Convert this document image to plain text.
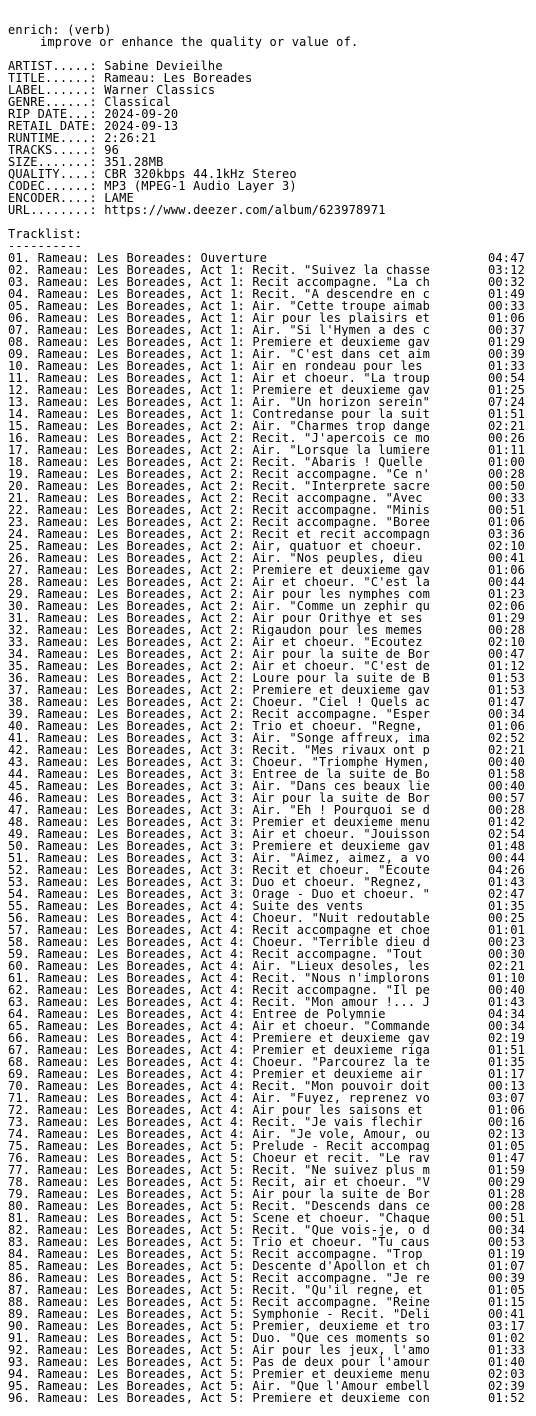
enrich: (verb)
improve or enhance the quality or value of.
ARTIST.....: Sabine Devieilhe
TITLE......: Rameau: Les Boreades
LABEL......: Warner Classics
GENRE......: Classical
RIP DATE...: 2024-09-20
RETAIL DATE: 2024-09-13
RUNTIME....: 2:26:21
TRACKS.....: 96
SIZE.......: 351.28MB
QUALITY....: CBR 320kbps 44.1kHz Stereo
CODEC......: MP3 (MPEG-1 Audio Layer 3)
ENCODER....: LAME
URL........: https://www.deezer.com/album/623978971
Tracklist:
----------
01. Rameau: Les Boreades: Ouverture	04:47
02. Rameau: Les Boreades, Act 1: Recit. "Suivez la chasse	03:12
03. Rameau: Les Boreades, Act 1: Recit accompagne. "La ch	00:32
04. Rameau: Les Boreades, Act 1: Recit. "A descendre en c	01:49
05. Rameau: Les Boreades, Act 1: Air. "Cette troupe aimab	00:33
06. Rameau: Les Boreades, Act 1: Air pour les plaisirs et	01:06
07. Rameau: Les Boreades, Act 1: Air. "Si l'Hymen a des c	00:37
08. Rameau: Les Boreades, Act 1: Premiere et deuxieme gav	01:29
09. Rameau: Les Boreades, Act 1: Air. "C'est dans cet aim	00:39
10. Rameau: Les Boreades, Act 1: Air en rondeau pour les	01:33
11. Rameau: Les Boreades, Act 1: Air et choeur. "La troup	00:54
12. Rameau: Les Boreades, Act 1: Premiere et deuxieme gav	01:25
13. Rameau: Les Boreades, Act 1: Air. "Un horizon serein"	07:24
14. Rameau: Les Boreades, Act 1: Contredanse pour la suit	01:51
15. Rameau: Les Boreades, Act 2: Air. "Charmes trop dange	02:21
16. Rameau: Les Boreades, Act 2: Recit. "J'apercois ce mo	00:26
17. Rameau: Les Boreades, Act 2: Air. "Lorsque la lumiere	01:11
18. Rameau: Les Boreades, Act 2: Recit. "Abaris ! Quelle	01:00
19. Rameau: Les Boreades, Act 2: Recit accompagne. "Ce n'	00:28
20. Rameau: Les Boreades, Act 2: Recit. "Interprete sacre	00:50
21. Rameau: Les Boreades, Act 2: Recit accompagne. "Avec	00:33
22. Rameau: Les Boreades, Act 2: Recit accompagne. "Minis	00:51
23. Rameau: Les Boreades, Act 2: Recit accompagne. "Boree	01:06
24. Rameau: Les Boreades, Act 2: Recit et recit accompagn	03:36
25. Rameau: Les Boreades, Act 2: Air, quatuor et choeur.	02:10
26. Rameau: Les Boreades, Act 2: Air. "Nos peuples, dieu	00:41
27. Rameau: Les Boreades, Act 2: Premiere et deuxieme gav	01:06
28. Rameau: Les Boreades, Act 2: Air et choeur. "C'est la	00:44
29. Rameau: Les Boreades, Act 2: Air pour les nymphes com	01:23
30. Rameau: Les Boreades, Act 2: Air. "Comme un zephir qu	02:06
31. Rameau: Les Boreades, Act 2: Air pour Orithye et ses	01:29
32. Rameau: Les Boreades, Act 2: Rigaudon pour les memes	00:28
33. Rameau: Les Boreades, Act 2: Air et choeur. "Ecoutez	02:10
34. Rameau: Les Boreades, Act 2: Air pour la suite de Bor	00:47
35. Rameau: Les Boreades, Act 2: Air et choeur. "C'est de	01:12
36. Rameau: Les Boreades, Act 2: Loure pour la suite de B	01:53
37. Rameau: Les Boreades, Act 2: Premiere et deuxieme gav	01:53
38. Rameau: Les Boreades, Act 2: Choeur. "Ciel ! Quels ac	01:47
39. Rameau: Les Boreades, Act 2: Recit accompagne. "Esper	00:34
40. Rameau: Les Boreades, Act 2: Trio et choeur. "Regne,	01:06
41. Rameau: Les Boreades, Act 3: Air. "Songe affreux, ima	02:52
42. Rameau: Les Boreades, Act 3: Recit. "Mes rivaux ont p	02:21
43. Rameau: Les Boreades, Act 3: Choeur. "Triomphe Hymen,	00:40
44. Rameau: Les Boreades, Act 3: Entree de la suite de Bo	01:58
45. Rameau: Les Boreades, Act 3: Air. "Dans ces beaux lie	00:40
46. Rameau: Les Boreades, Act 3: Air pour la suite de Bor	00:57
47. Rameau: Les Boreades, Act 3: Air. "Eh ! Pourquoi se d	00:28
48. Rameau: Les Boreades, Act 3: Premier et deuxieme menu	01:42
49. Rameau: Les Boreades, Act 3: Air et choeur. "Jouisson	02:54
50. Rameau: Les Boreades, Act 3: Premiere et deuxieme gav	01:48
51. Rameau: Les Boreades, Act 3: Air. "Aimez, aimez, a vo	00:44
52. Rameau: Les Boreades, Act 3: Recit et choeur. "Ecoute	04:26
53. Rameau: Les Boreades, Act 3: Duo et choeur. "Regnez,	01:43
54. Rameau: Les Boreades, Act 3: Orage - Duo et choeur. "	02:47
55. Rameau: Les Boreades, Act 4: Suite des vents	01:35
56. Rameau: Les Boreades, Act 4: Choeur. "Nuit redoutable	00:25
57. Rameau: Les Boreades, Act 4: Recit accompagne et choe	01:01
58. Rameau: Les Boreades, Act 4: Choeur. "Terrible dieu d	00:23
59. Rameau: Les Boreades, Act 4: Recit accompagne. "Tout	00:30
60. Rameau: Les Boreades, Act 4: Air. "Lieux desoles, les	02:21
61. Rameau: Les Boreades, Act 4: Recit. "Nous n'implorons	01:10
62. Rameau: Les Boreades, Act 4: Recit accompagne. "Il pe	00:40
63. Rameau: Les Boreades, Act 4: Recit. "Mon amour !... J	01:43
64. Rameau: Les Boreades, Act 4: Entree de Polymnie	04:34
65. Rameau: Les Boreades, Act 4: Air et choeur. "Commande	00:34
66. Rameau: Les Boreades, Act 4: Premiere et deuxieme gav	02:19
67. Rameau: Les Boreades, Act 4: Premier et deuxieme riga	01:51
68. Rameau: Les Boreades, Act 4: Choeur. "Parcourez la te	01:35
69. Rameau: Les Boreades, Act 4: Premier et deuxieme air	01:17
70. Rameau: Les Boreades, Act 4: Recit. "Mon pouvoir doit	00:13
71. Rameau: Les Boreades, Act 4: Air. "Fuyez, reprenez vo	03:07
72. Rameau: Les Boreades, Act 4: Air pour les saisons et	01:06
73. Rameau: Les Boreades, Act 4: Recit. "Je vais flechir	00:16
74. Rameau: Les Boreades, Act 4: Air. "Je vole, Amour, ou	02:13
75. Rameau: Les Boreades, Act 5: Prelude - Recit accompag	01:05
76. Rameau: Les Boreades, Act 5: Choeur et recit. "Le rav	01:47
77. Rameau: Les Boreades, Act 5: Recit. "Ne suivez plus m	01:59
78. Rameau: Les Boreades, Act 5: Recit, air et choeur. "V	00:29
79. Rameau: Les Boreades, Act 5: Air pour la suite de Bor	01:28
80. Rameau: Les Boreades, Act 5: Recit. "Descends dans ce	00:28
81. Rameau: Les Boreades, Act 5: Scene et choeur. "Chaque	00:51
82. Rameau: Les Boreades, Act 5: Recit. "Que vois-je, o d	00:34
83. Rameau: Les Boreades, Act 5: Trio et choeur. "Tu caus	00:53
84. Rameau: Les Boreades, Act 5: Recit accompagne. "Trop	01:19
85. Rameau: Les Boreades, Act 5: Descente d'Apollon et ch	01:07
86. Rameau: Les Boreades, Act 5: Recit accompagne. "Je re	00:39
87. Rameau: Les Boreades, Act 5: Recit. "Qu'il regne, et	01:05
88. Rameau: Les Boreades, Act 5: Recit accompagne. "Reine	01:15
89. Rameau: Les Boreades, Act 5: Symphonie - Recit. "Deli	00:41
90. Rameau: Les Boreades, Act 5: Premier, deuxieme et tro	03:17
91. Rameau: Les Boreades, Act 5: Duo. "Que ces moments so	01:02
92. Rameau: Les Boreades, Act 5: Air pour les jeux, l'amo	01:33
93. Rameau: Les Boreades, Act 5: Pas de deux pour l'amour	01:40
94. Rameau: Les Boreades, Act 5: Premier et deuxieme menu	02:03
95. Rameau: Les Boreades, Act 5: Air. "Que l'Amour embell	02:39
96. Rameau: Les Boreades, Act 5: Premiere et deuxieme con	01:52
